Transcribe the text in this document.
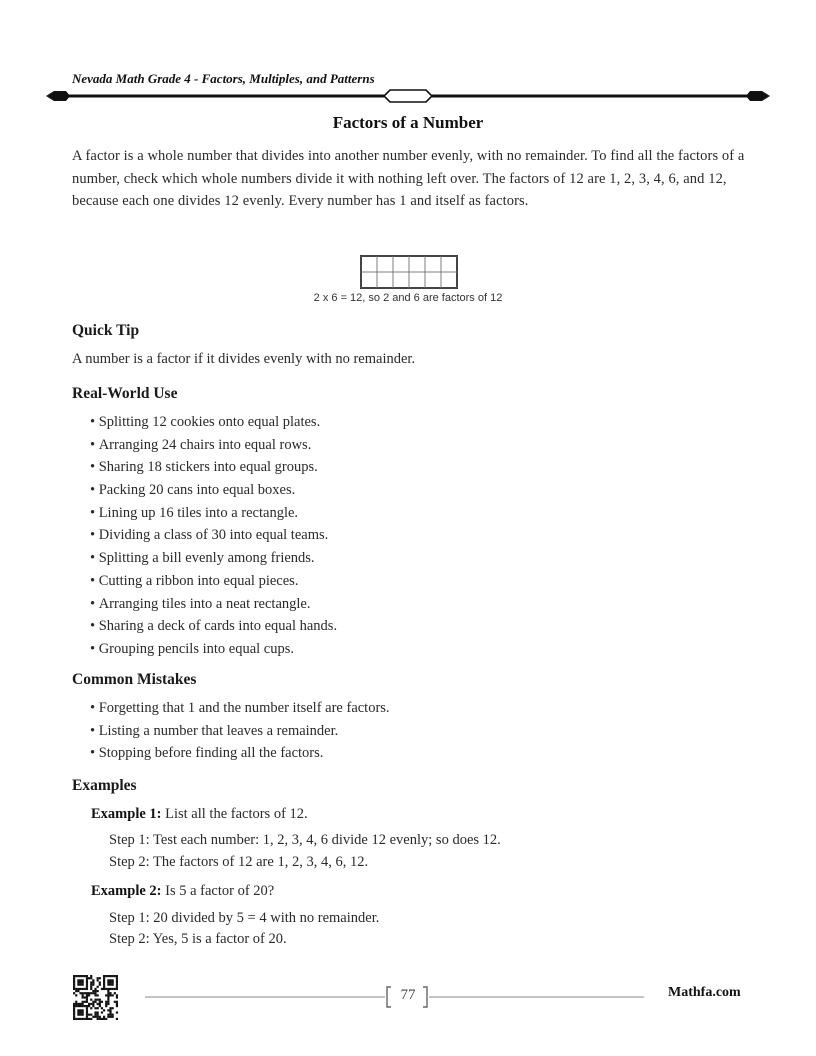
Nevada Math Grade 4 - Factors, Multiples, and Patterns
Factors of a Number
A factor is a whole number that divides into another number evenly, with no remainder. To find all the factors of a number, check which whole numbers divide it with nothing left over. The factors of 12 are 1, 2, 3, 4, 6, and 12, because each one divides 12 evenly. Every number has 1 and itself as factors.
2 x 6 = 12, so 2 and 6 are factors of 12
Quick Tip
A number is a factor if it divides evenly with no remainder.
Real-World Use
• Splitting 12 cookies onto equal plates.
• Arranging 24 chairs into equal rows.
• Sharing 18 stickers into equal groups.
• Packing 20 cans into equal boxes.
• Lining up 16 tiles into a rectangle.
• Dividing a class of 30 into equal teams.
• Splitting a bill evenly among friends.
• Cutting a ribbon into equal pieces.
• Arranging tiles into a neat rectangle.
• Sharing a deck of cards into equal hands.
• Grouping pencils into equal cups.
Common Mistakes
• Forgetting that 1 and the number itself are factors.
• Listing a number that leaves a remainder.
• Stopping before finding all the factors.
Examples
Example 1: List all the factors of 12.
Step 1: Test each number: 1, 2, 3, 4, 6 divide 12 evenly; so does 12.
Step 2: The factors of 12 are 1, 2, 3, 4, 6, 12.
Example 2: Is 5 a factor of 20?
Step 1: 20 divided by 5 = 4 with no remainder.
Step 2: Yes, 5 is a factor of 20.
77	Mathfa.com
